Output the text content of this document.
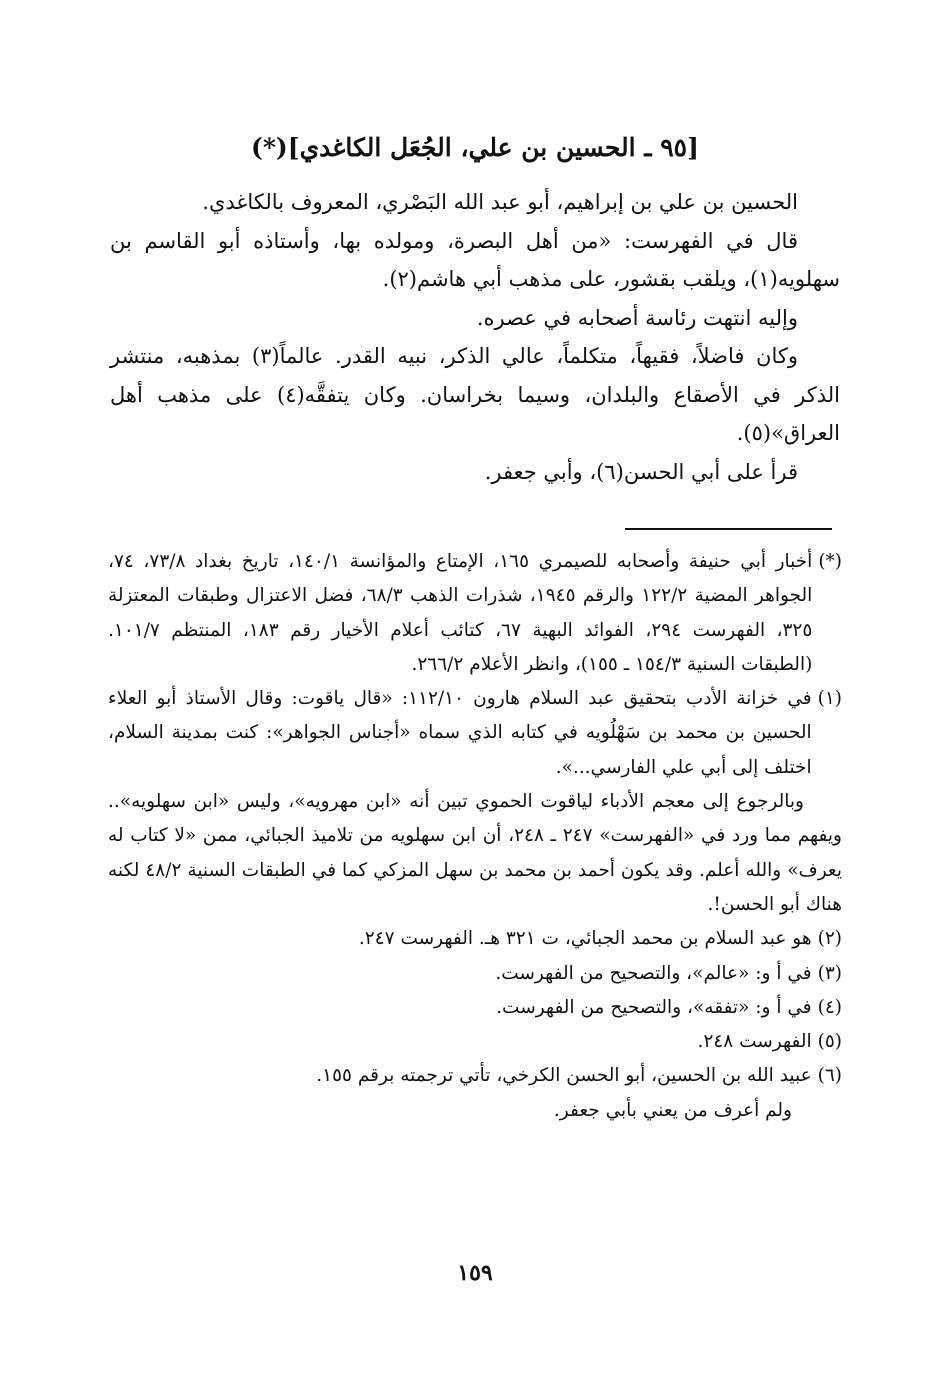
[٩٥ ـ الحسين بن علي، الجُعَل الكاغدي](*)

الحسين بن علي بن إبراهيم، أبو عبد الله البَصْري، المعروف بالكاغدي.

قال في الفهرست: «من أهل البصرة، ومولده بها، وأستاذه أبو القاسم بن سهلويه(١)، ويلقب بقشور، على مذهب أبي هاشم(٢).

وإليه انتهت رئاسة أصحابه في عصره.

وكان فاضلاً، فقيهاً، متكلماً، عالي الذكر، نبيه القدر. عالماً(٣) بمذهبه، منتشر الذكر في الأصقاع والبلدان، وسيما بخراسان. وكان يتفقَّه(٤) على مذهب أهل العراق»(٥).

قرأ على أبي الحسن(٦)، وأبي جعفر.

(*)
أخبار أبي حنيفة وأصحابه للصيمري ١٦٥، الإمتاع والمؤانسة ١٤٠/١، تاريخ بغداد ٧٣/٨، ٧٤، الجواهر المضية ١٢٢/٢ والرقم ١٩٤٥، شذرات الذهب ٦٨/٣، فضل الاعتزال وطبقات المعتزلة ٣٢٥، الفهرست ٢٩٤، الفوائد البهية ٦٧، كتائب أعلام الأخيار رقم ١٨٣، المنتظم ١٠١/٧. (الطبقات السنية ١٥٤/٣ ـ ١٥٥)، وانظر الأعلام ٢٦٦/٢.
(١)
في خزانة الأدب بتحقيق عبد السلام هارون ١١٢/١٠: «قال ياقوت: وقال الأستاذ أبو العلاء الحسين بن محمد بن سَهْلُويه في كتابه الذي سماه «أجناس الجواهر»: كنت بمدينة السلام، اختلف إلى أبي علي الفارسي...».

وبالرجوع إلى معجم الأدباء لياقوت الحموي تبين أنه «ابن مهرويه»، وليس «ابن سهلويه».. ويفهم مما ورد في «الفهرست» ٢٤٧ ـ ٢٤٨، أن ابن سهلويه من تلاميذ الجبائي، ممن «لا كتاب له يعرف» والله أعلم. وقد يكون أحمد بن محمد بن سهل المزكي كما في الطبقات السنية ٤٨/٢ لكنه هناك أبو الحسن!.

(٢)
هو عبد السلام بن محمد الجبائي، ت ٣٢١ هـ. الفهرست ٢٤٧.
(٣)
في أ و: «عالم»، والتصحيح من الفهرست.
(٤)
في أ و: «تفقه»، والتصحيح من الفهرست.
(٥)
الفهرست ٢٤٨.
(٦)
عبيد الله بن الحسين، أبو الحسن الكرخي، تأتي ترجمته برقم ١٥٥.

ولم أعرف من يعني بأبي جعفر.

١٥٩
